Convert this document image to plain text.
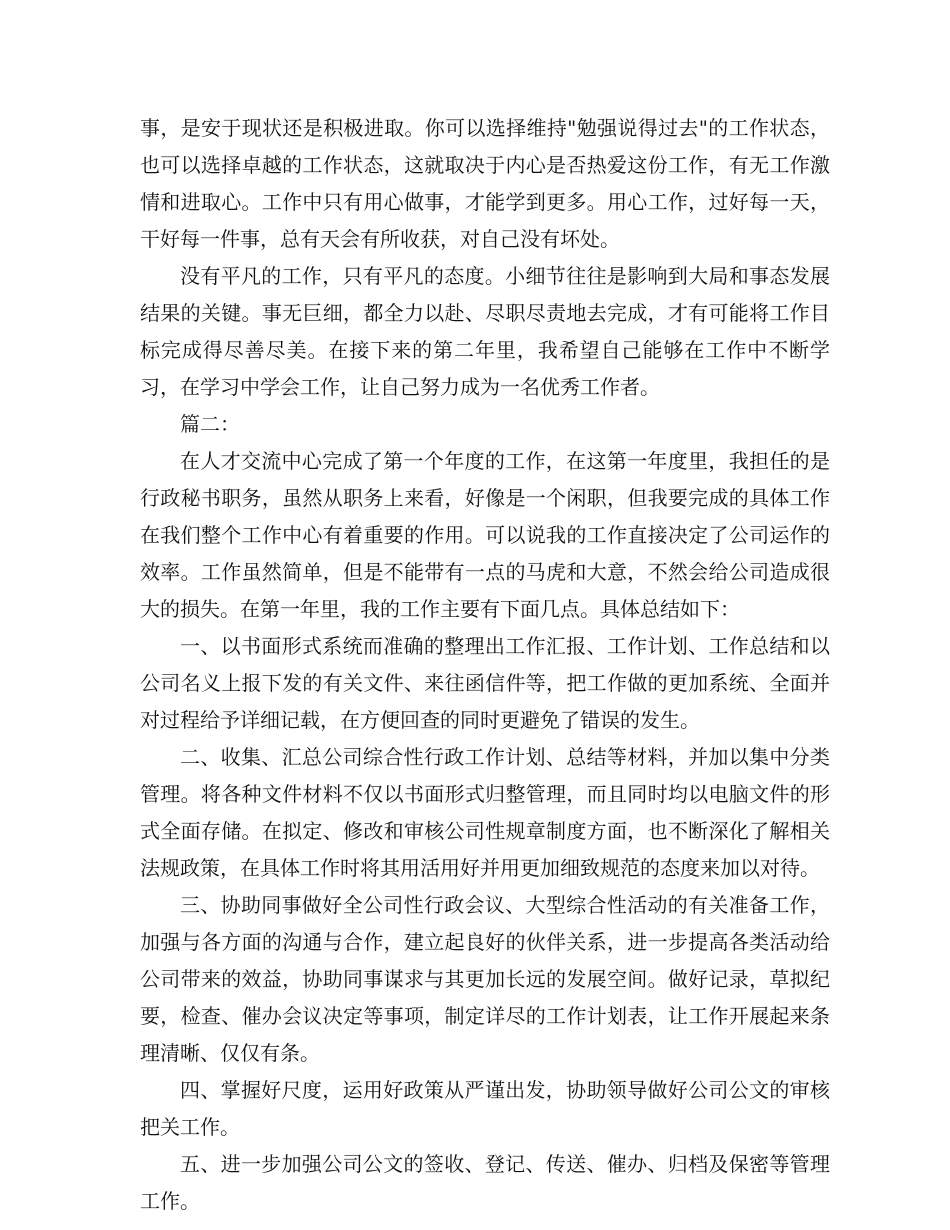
事，是安于现状还是积极进取。你可以选择维持"勉强说得过去"的工作状态，也可以选择卓越的工作状态，这就取决于内心是否热爱这份工作，有无工作激情和进取心。工作中只有用心做事，才能学到更多。用心工作，过好每一天，干好每一件事，总有天会有所收获，对自己没有坏处。

没有平凡的工作，只有平凡的态度。小细节往往是影响到大局和事态发展结果的关键。事无巨细，都全力以赴、尽职尽责地去完成，才有可能将工作目标完成得尽善尽美。在接下来的第二年里，我希望自己能够在工作中不断学习，在学习中学会工作，让自己努力成为一名优秀工作者。

篇二：

在人才交流中心完成了第一个年度的工作，在这第一年度里，我担任的是行政秘书职务，虽然从职务上来看，好像是一个闲职，但我要完成的具体工作在我们整个工作中心有着重要的作用。可以说我的工作直接决定了公司运作的效率。工作虽然简单，但是不能带有一点的马虎和大意，不然会给公司造成很大的损失。在第一年里，我的工作主要有下面几点。具体总结如下：

一、以书面形式系统而准确的整理出工作汇报、工作计划、工作总结和以公司名义上报下发的有关文件、来往函信件等，把工作做的更加系统、全面并对过程给予详细记载，在方便回查的同时更避免了错误的发生。

二、收集、汇总公司综合性行政工作计划、总结等材料，并加以集中分类管理。将各种文件材料不仅以书面形式归整管理，而且同时均以电脑文件的形式全面存储。在拟定、修改和审核公司性规章制度方面，也不断深化了解相关法规政策，在具体工作时将其用活用好并用更加细致规范的态度来加以对待。

三、协助同事做好全公司性行政会议、大型综合性活动的有关准备工作，加强与各方面的沟通与合作，建立起良好的伙伴关系，进一步提高各类活动给公司带来的效益，协助同事谋求与其更加长远的发展空间。做好记录，草拟纪要，检查、催办会议决定等事项，制定详尽的工作计划表，让工作开展起来条理清晰、仅仅有条。

四、掌握好尺度，运用好政策从严谨出发，协助领导做好公司公文的审核把关工作。

五、进一步加强公司公文的签收、登记、传送、催办、归档及保密等管理工作。
